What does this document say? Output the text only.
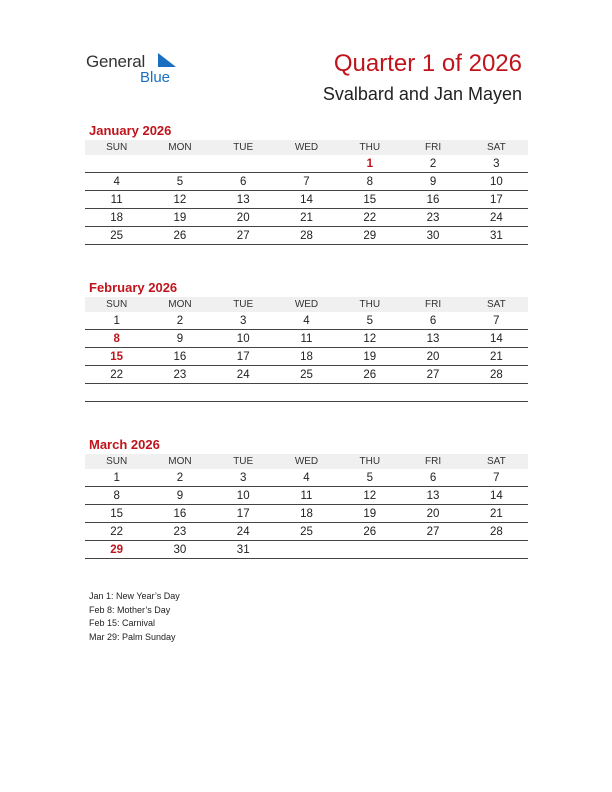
General
Blue
Quarter 1 of 2026
Svalbard and Jan Mayen
January 2026
SUN	MON	TUE	WED	THU	FRI	SAT
				1	2	3
4	5	6	7	8	9	10
11	12	13	14	15	16	17
18	19	20	21	22	23	24
25	26	27	28	29	30	31
February 2026
SUN	MON	TUE	WED	THU	FRI	SAT
1	2	3	4	5	6	7
8	9	10	11	12	13	14
15	16	17	18	19	20	21
22	23	24	25	26	27	28

March 2026
SUN	MON	TUE	WED	THU	FRI	SAT
1	2	3	4	5	6	7
8	9	10	11	12	13	14
15	16	17	18	19	20	21
22	23	24	25	26	27	28
29	30	31				
Jan 1: New Year’s Day
Feb 8: Mother’s Day
Feb 15: Carnival
Mar 29: Palm Sunday
